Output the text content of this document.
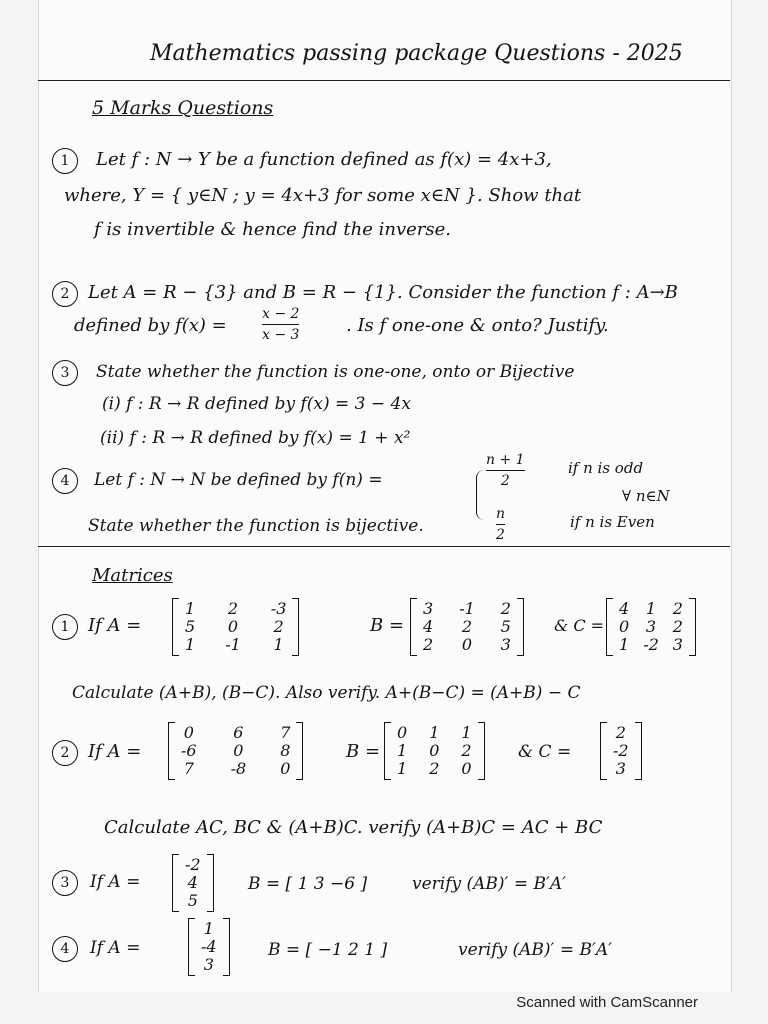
Mathematics passing package Questions - 2025
5 Marks Questions
1	Let f : N → Y be a function defined as f(x) = 4x+3,
where, Y = { y∈N ; y = 4x+3 for some x∈N }. Show that
f is invertible & hence find the inverse.
2	Let A = R − {3} and B = R − {1}. Consider the function f : A→B
defined by f(x) =
x − 2
x − 3	. Is f one-one & onto? Justify.
3	State whether the function is one-one, onto or Bijective
(i) f : R → R defined by f(x) = 3 − 4x
(ii) f : R → R defined by f(x) = 1 + x²
4	Let f : N → N be defined by f(n) =
n + 1
2
if n is odd
∀ n∈N
State whether the function is bijective.
n
2
if n is Even
Matrices
1	If A =
1 2 -3
5 0 2
1 -1 1
B =
3 -1 2
4 2 5
2 0 3
& C =
4 1 2
0 3 2
1 -2 3
Calculate (A+B), (B−C). Also verify. A+(B−C) = (A+B) − C
2	If A =
0 6 7
-6 0 8
7 -8 0
B =
0 1 1
1 0 2
1 2 0
& C =
2
-2
3
Calculate AC, BC & (A+B)C. verify (A+B)C = AC + BC
3	If A =
-2
4
5
B = [ 1 3 −6 ]	verify (AB)′ = B′A′
4	If A =
1
-4
3
B = [ −1 2 1 ]	verify (AB)′ = B′A′
Scanned with CamScanner
